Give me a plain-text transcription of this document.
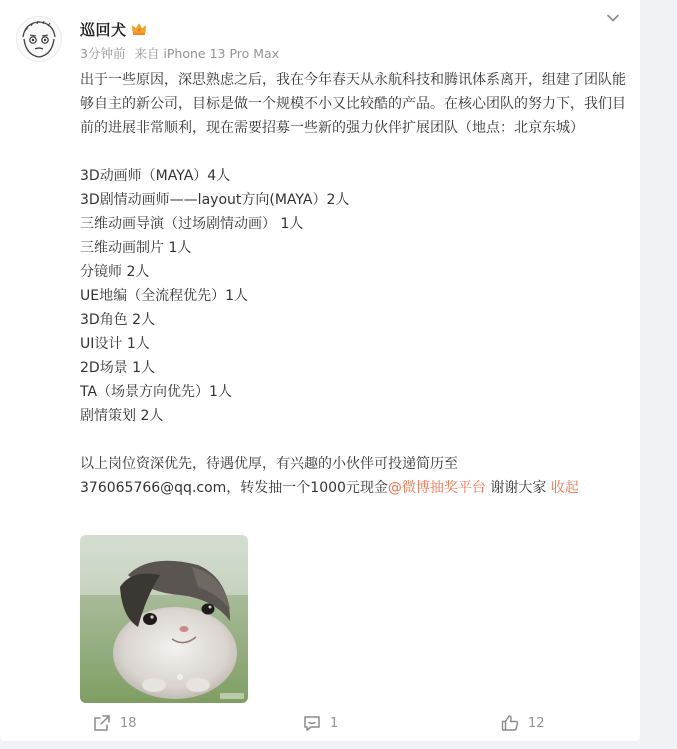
巡回犬
3分钟前 来自 iPhone 13 Pro Max

出于一些原因，深思熟虑之后，我在今年春天从永航科技和腾讯体系离开，组建了团队能够自主的新公司，目标是做一个规模不小又比较酷的产品。在核心团队的努力下，我们目前的进展非常顺利，现在需要招募一些新的强力伙伴扩展团队（地点：北京东城）

3D动画师（MAYA）4人

3D剧情动画师——layout方向(MAYA）2人

三维动画导演（过场剧情动画） 1人

三维动画制片 1人

分镜师 2人

UE地编（全流程优先）1人

3D角色 2人

UI设计 1人

2D场景 1人

TA（场景方向优先）1人

剧情策划 2人

以上岗位资深优先，待遇优厚，有兴趣的小伙伴可投递简历至

376065766@qq.com，转发抽一个1000元现金@微博抽奖平台 谢谢大家 收起

18	1	12
